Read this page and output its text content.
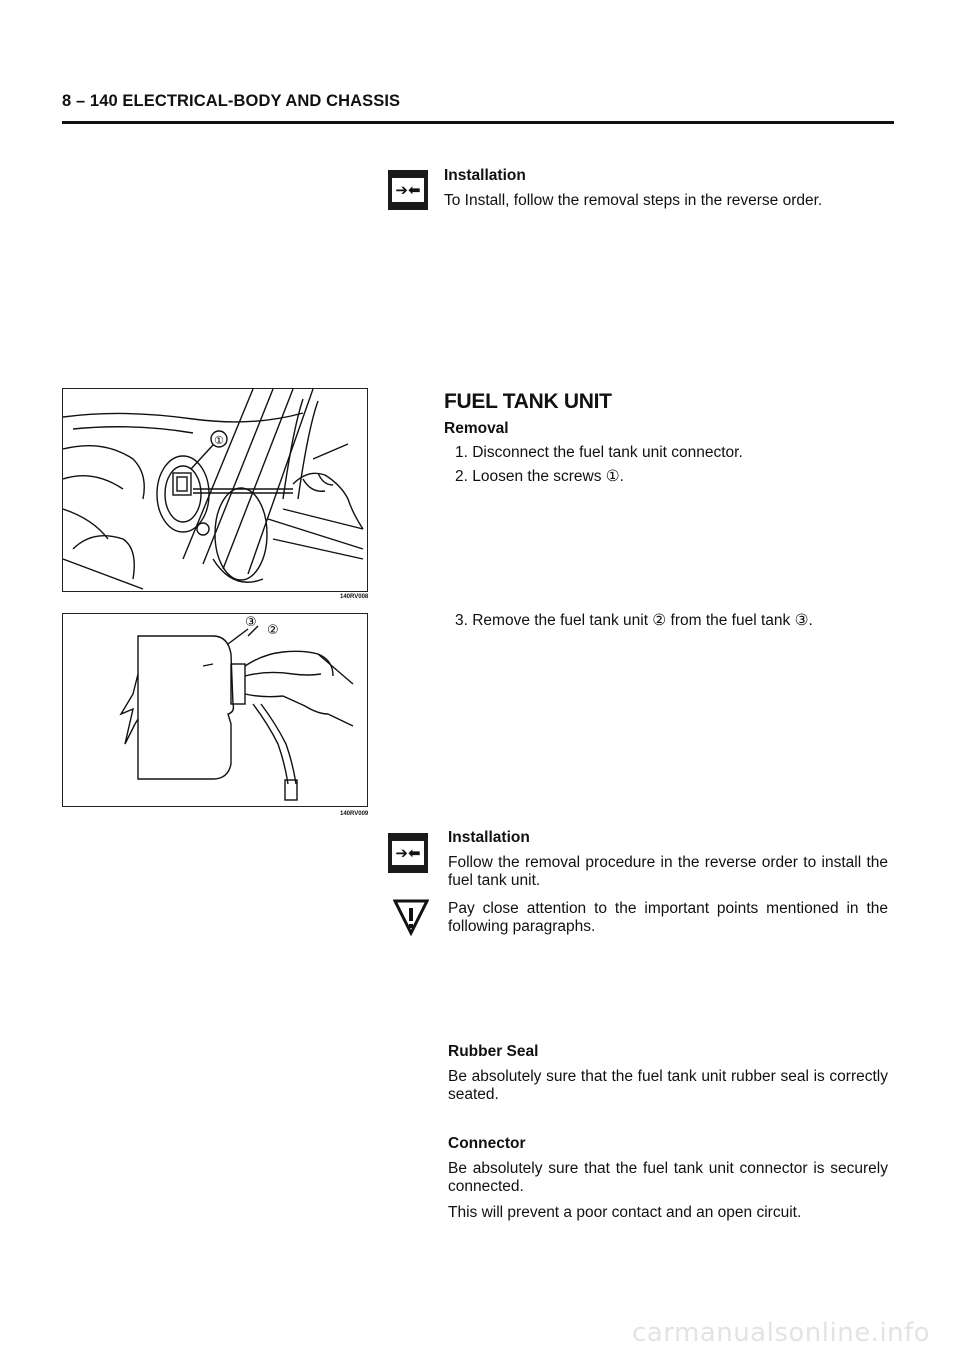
8 – 140 ELECTRICAL-BODY AND CHASSIS
➔⬅
Installation
To Install, follow the removal steps in the reverse order.
FUEL TANK UNIT
Removal
1. Disconnect the fuel tank unit connector.
2. Loosen the screws ①.
3. Remove the fuel tank unit ② from the fuel tank ③.
①
140RV008
③
②
140RV009
➔⬅
Installation
Follow the removal procedure in the reverse order to install the fuel tank unit.
Pay close attention to the important points mentioned in the following paragraphs.
Rubber Seal
Be absolutely sure that the fuel tank unit rubber seal is correctly seated.
Connector
Be absolutely sure that the fuel tank unit connector is securely connected.
This will prevent a poor contact and an open circuit.
carmanualsonline.info
